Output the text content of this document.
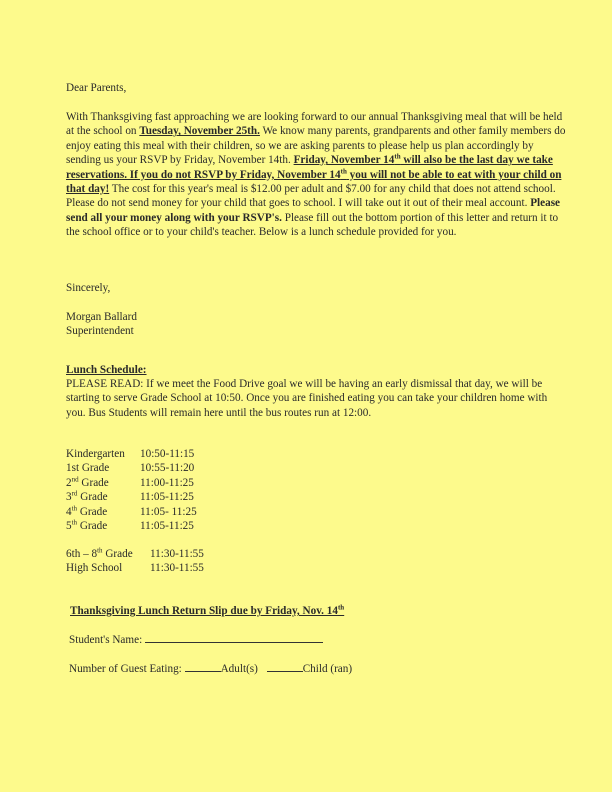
Dear Parents,
With Thanksgiving fast approaching we are looking forward to our annual Thanksgiving meal that will be held at the school on Tuesday, November 25th. We know many parents, grandparents and other family members do enjoy eating this meal with their children, so we are asking parents to please help us plan accordingly by sending us your RSVP by Friday, November 14th. Friday, November 14th will also be the last day we take reservations. If you do not RSVP by Friday, November 14th you will not be able to eat with your child on that day! The cost for this year's meal is $12.00 per adult and $7.00 for any child that does not attend school. Please do not send money for your child that goes to school. I will take out it out of their meal account. Please send all your money along with your RSVP's. Please fill out the bottom portion of this letter and return it to the school office or to your child's teacher. Below is a lunch schedule provided for you.
Sincerely,
Morgan Ballard
Superintendent
Lunch Schedule:
PLEASE READ: If we meet the Food Drive goal we will be having an early dismissal that day, we will be starting to serve Grade School at 10:50. Once you are finished eating you can take your children home with you. Bus Students will remain here until the bus routes run at 12:00.
Kindergarten	10:50-11:15
1st Grade	10:55-11:20
2nd Grade	11:00-11:25
3rd Grade	11:05-11:25
4th Grade	11:05- 11:25
5th Grade	11:05-11:25
6th – 8th Grade	11:30-11:55
High School	11:30-11:55
Thanksgiving Lunch Return Slip due by Friday, Nov. 14th
Student's Name:
Number of Guest Eating:	Adult(s)	Child (ran)
